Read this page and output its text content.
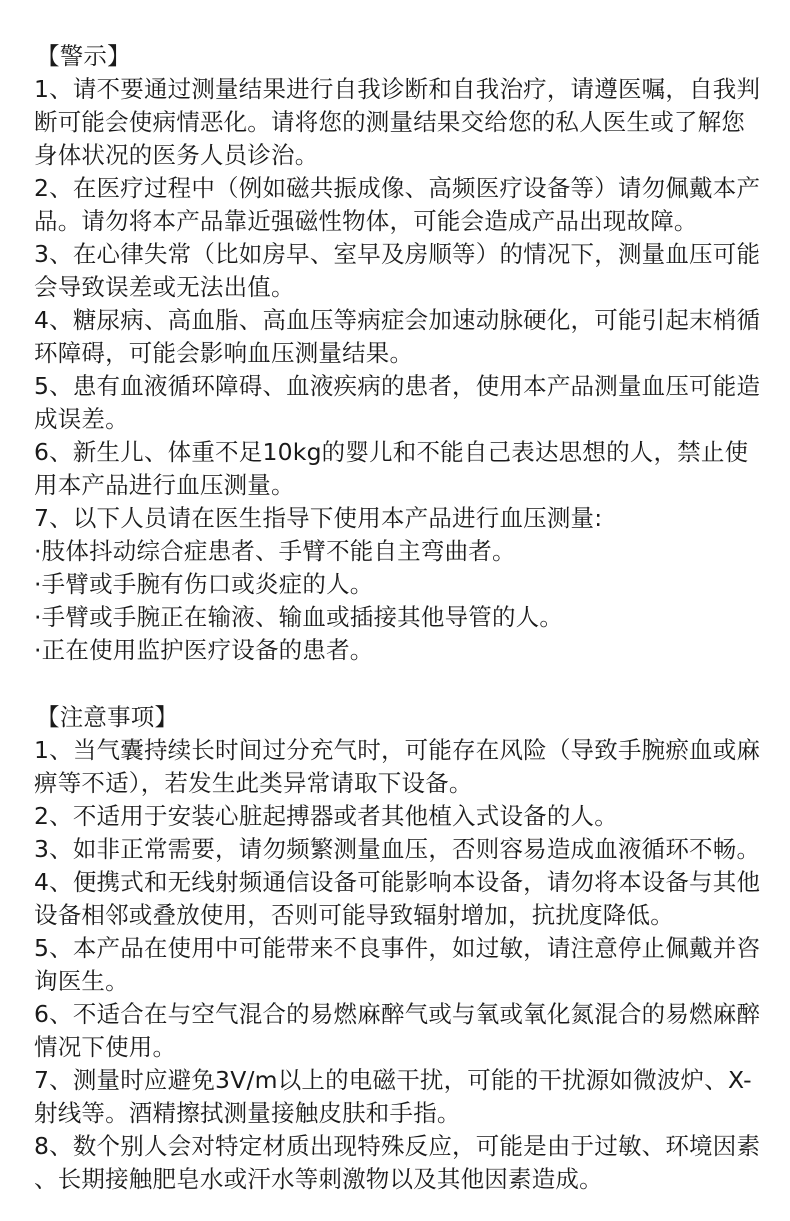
【警示】
1、请不要通过测量结果进行自我诊断和自我治疗，请遵医嘱，自我判
断可能会使病情恶化。请将您的测量结果交给您的私人医生或了解您
身体状况的医务人员诊治。
2、在医疗过程中（例如磁共振成像、高频医疗设备等）请勿佩戴本产
品。请勿将本产品靠近强磁性物体，可能会造成产品出现故障。
3、在心律失常（比如房早、室早及房顺等）的情况下，测量血压可能
会导致误差或无法出值。
4、糖尿病、高血脂、高血压等病症会加速动脉硬化，可能引起末梢循
环障碍，可能会影响血压测量结果。
5、患有血液循环障碍、血液疾病的患者，使用本产品测量血压可能造
成误差。
6、新生儿、体重不足10kg的婴儿和不能自己表达思想的人，禁止使
用本产品进行血压测量。
7、以下人员请在医生指导下使用本产品进行血压测量:
·肢体抖动综合症患者、手臂不能自主弯曲者。
·手臂或手腕有伤口或炎症的人。
·手臂或手腕正在输液、输血或插接其他导管的人。
·正在使用监护医疗设备的患者。
【注意事项】
1、当气囊持续长时间过分充气时，可能存在风险（导致手腕瘀血或麻
痹等不适），若发生此类异常请取下设备。
2、不适用于安装心脏起搏器或者其他植入式设备的人。
3、如非正常需要，请勿频繁测量血压，否则容易造成血液循环不畅。
4、便携式和无线射频通信设备可能影响本设备，请勿将本设备与其他
设备相邻或叠放使用，否则可能导致辐射增加，抗扰度降低。
5、本产品在使用中可能带来不良事件，如过敏，请注意停止佩戴并咨
询医生。
6、不适合在与空气混合的易燃麻醉气或与氧或氧化氮混合的易燃麻醉
情况下使用。
7、测量时应避免3V/m以上的电磁干扰，可能的干扰源如微波炉、X-
射线等。酒精擦拭测量接触皮肤和手指。
8、数个别人会对特定材质出现特殊反应，可能是由于过敏、环境因素
、长期接触肥皂水或汗水等刺激物以及其他因素造成。
